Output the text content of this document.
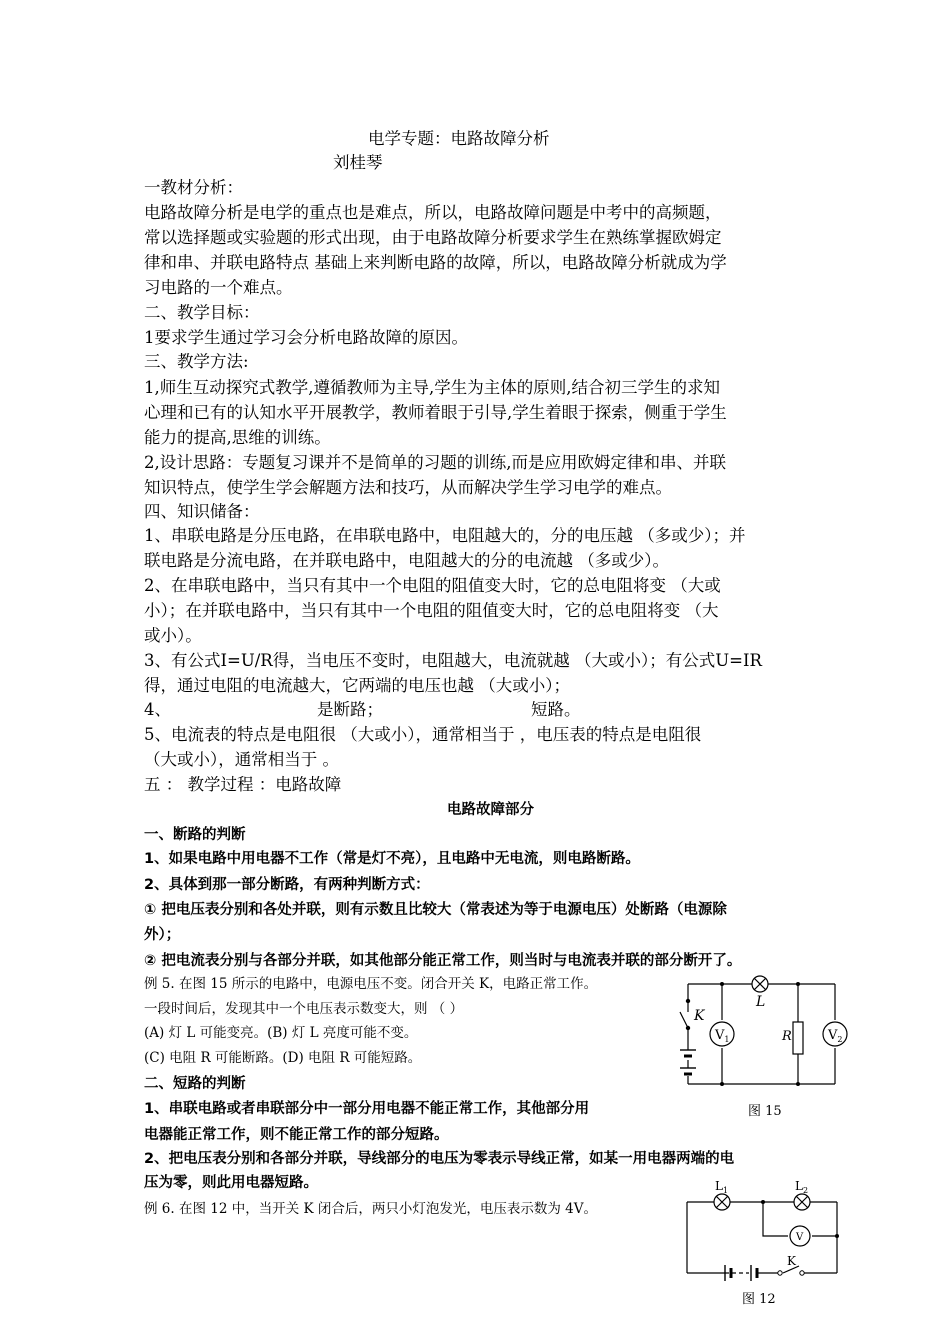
电学专题：电路故障分析
刘桂琴
一教材分析：
电路故障分析是电学的重点也是难点，所以，电路故障问题是中考中的高频题，
常以选择题或实验题的形式出现，由于电路故障分析要求学生在熟练掌握欧姆定
律和串、并联电路特点 基础上来判断电路的故障，所以，电路故障分析就成为学
习电路的一个难点。
二、教学目标：
1要求学生通过学习会分析电路故障的原因。
三、教学方法:
1,师生互动探究式教学,遵循教师为主导,学生为主体的原则,结合初三学生的求知
心理和已有的认知水平开展教学，教师着眼于引导,学生着眼于探索，侧重于学生
能力的提高,思维的训练。
2,设计思路：专题复习课并不是简单的习题的训练,而是应用欧姆定律和串、并联
知识特点，使学生学会解题方法和技巧，从而解决学生学习电学的难点。
四、知识储备：
1、串联电路是分压电路，在串联电路中，电阻越大的，分的电压越 （多或少）；并
联电路是分流电路，在并联电路中，电阻越大的分的电流越 （多或少）。
2、在串联电路中，当只有其中一个电阻的阻值变大时，它的总电阻将变 （大或
小）；在并联电路中，当只有其中一个电阻的阻值变大时，它的总电阻将变 （大
或小）。
3、有公式I=U/R得，当电压不变时，电阻越大，电流就越 （大或小）；有公式U=IR
得，通过电阻的电流越大，它两端的电压也越 （大或小）；
4、	是断路；	短路。
5、电流表的特点是电阻很 （大或小），通常相当于 ，电压表的特点是电阻很
（大或小），通常相当于 。
五 ： 教学过程 ：电路故障
电路故障部分
一、断路的判断
1、如果电路中用电器不工作（常是灯不亮），且电路中无电流，则电路断路。
2、具体到那一部分断路，有两种判断方式：
① 把电压表分别和各处并联，则有示数且比较大（常表述为等于电源电压）处断路（电源除
外）；
② 把电流表分别与各部分并联，如其他部分能正常工作，则当时与电流表并联的部分断开了。
例 5. 在图 15 所示的电路中，电源电压不变。闭合开关 K，电路正常工作。
一段时间后，发现其中一个电压表示数变大，则 （ ）
(A) 灯 L 可能变亮。(B) 灯 L 亮度可能不变。
(C) 电阻 R 可能断路。(D) 电阻 R 可能短路。
二、短路的判断
1、串联电路或者串联部分中一部分用电器不能正常工作，其他部分用
电器能正常工作，则不能正常工作的部分短路。
2、把电压表分别和各部分并联，导线部分的电压为零表示导线正常，如某一用电器两端的电
压为零，则此用电器短路。
例 6. 在图 12 中，当开关 K 闭合后，两只小灯泡发光，电压表示数为 4V。
K
L
R
$V_1$	$V_2$
图 15
$L_1$	$L_2$
V
K
图 12
